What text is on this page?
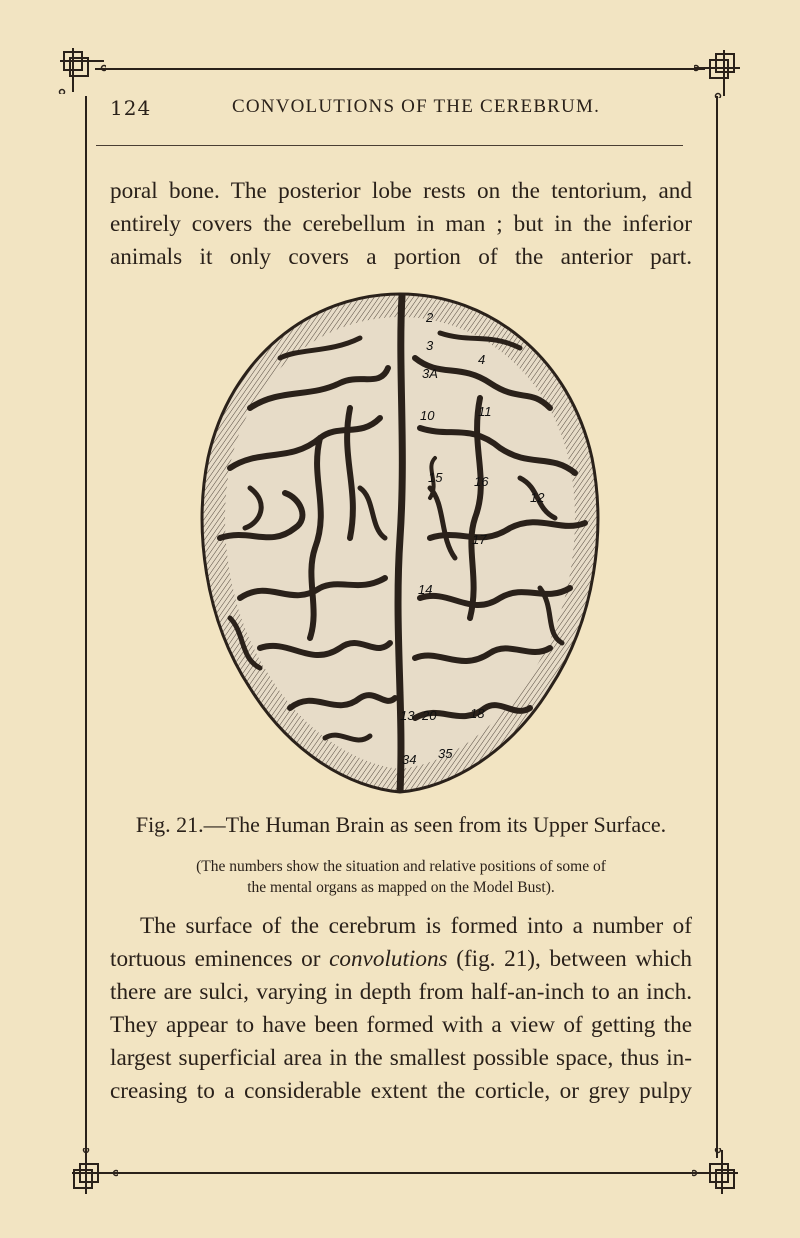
124	CONVOLUTIONS OF THE CEREBRUM.
poral bone. The posterior lobe rests on the tentorium, and
entirely covers the cerebellum in man ; but in the inferior
animals it only covers a portion of the anterior part.
2
3
3A
4
10	11
15 16
12
17
14
13 20	18
34 35
Fig. 21.—The Human Brain as seen from its Upper Surface.
(The numbers show the situation and relative positions of some of
the mental organs as mapped on the Model Bust).
The surface of the cerebrum is formed into a number of
tortuous eminences or convolutions (fig. 21), between which
there are sulci, varying in depth from half-an-inch to an inch.
They appear to have been formed with a view of getting the
largest superficial area in the smallest possible space, thus in-
creasing to a considerable extent the corticle, or grey pulpy
